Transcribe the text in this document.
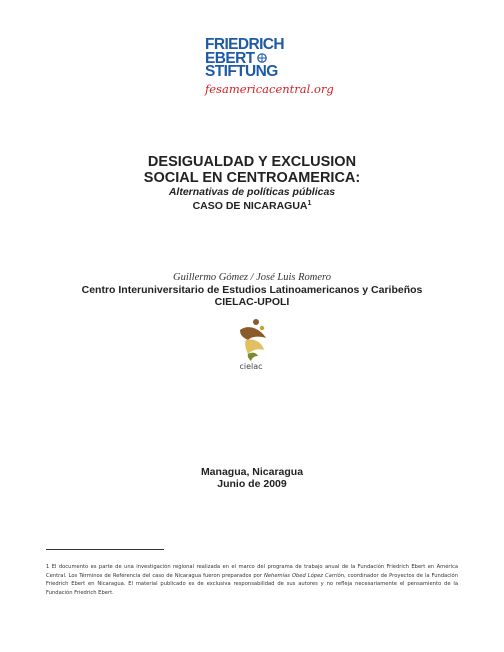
FRIEDRICH
EBERT
STIFTUNG
fesamericacentral.org
DESIGUALDAD Y EXCLUSION
SOCIAL EN CENTROAMERICA:
Alternativas de políticas públicas
CASO DE NICARAGUA$^1$
Guillermo Gómez / José Luis Romero
Centro Interuniversitario de Estudios Latinoamericanos y Caribeños
CIELAC-UPOLI
cielac
Managua, Nicaragua
Junio de 2009
1 El documento es parte de una investigación regional realizada en el marco del programa de trabajo anual de la Fundación Friedrich Ebert en América Central. Los Términos de Referencia del caso de Nicaragua fueron preparados por Nehemías Obed López Carrión, coordinador de Proyectos de la Fundación Friedrich Ebert en Nicaragua. El material publicado es de exclusiva responsabilidad de sus autores y no refleja necesariamente el pensamiento de la Fundación Friedrich Ebert.
